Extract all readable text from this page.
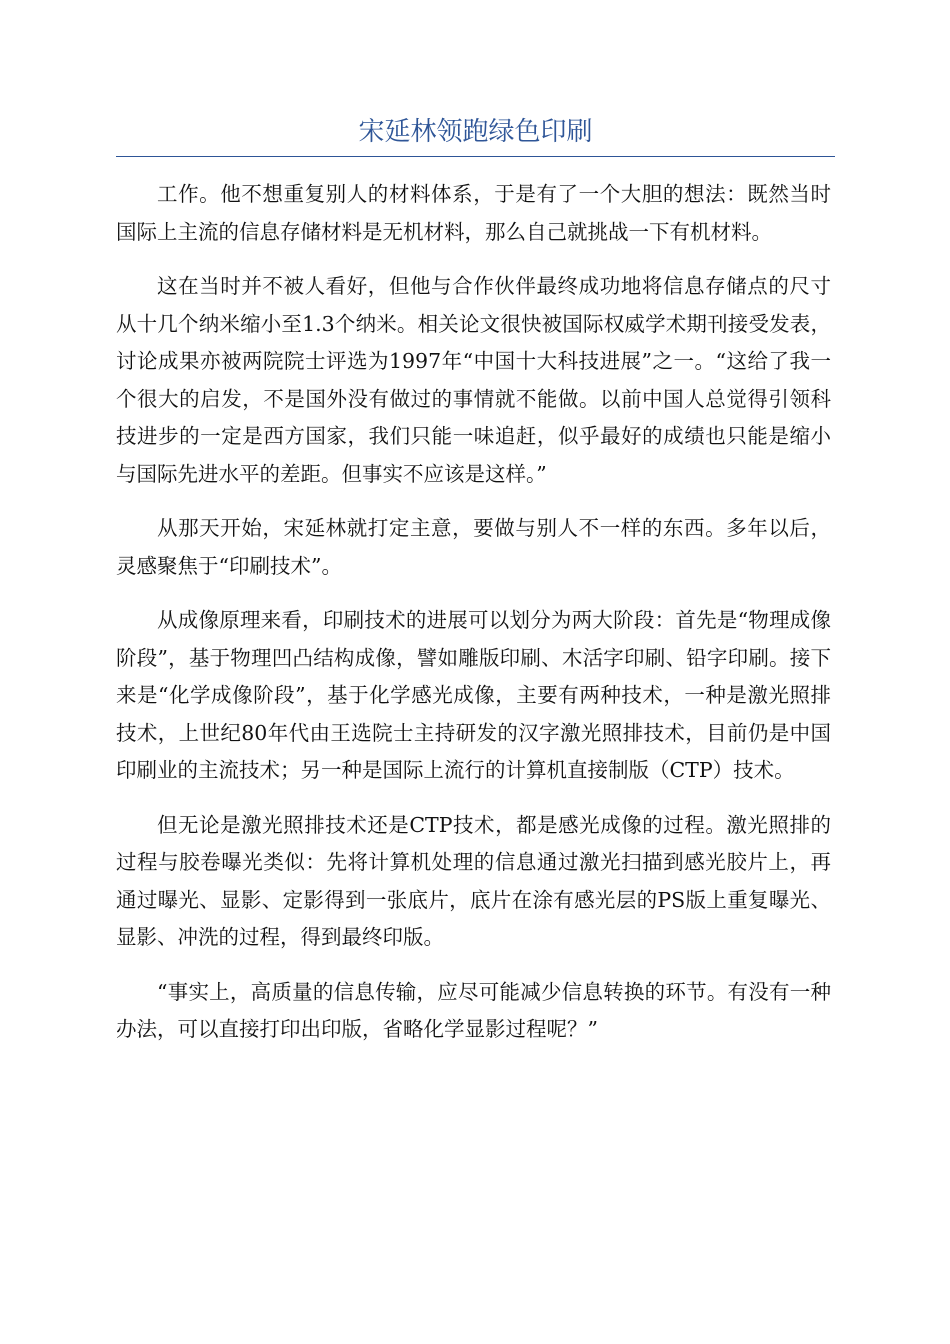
宋延林领跑绿色印刷

工作。他不想重复别人的材料体系，于是有了一个大胆的想法：既然当时国际上主流的信息存储材料是无机材料，那么自己就挑战一下有机材料。

这在当时并不被人看好，但他与合作伙伴最终成功地将信息存储点的尺寸从十几个纳米缩小至1.3个纳米。相关论文很快被国际权威学术期刊接受发表，讨论成果亦被两院院士评选为1997年“中国十大科技进展”之一。“这给了我一个很大的启发，不是国外没有做过的事情就不能做。以前中国人总觉得引领科技进步的一定是西方国家，我们只能一味追赶，似乎最好的成绩也只能是缩小与国际先进水平的差距。但事实不应该是这样。”

从那天开始，宋延林就打定主意，要做与别人不一样的东西。多年以后，灵感聚焦于“印刷技术”。

从成像原理来看，印刷技术的进展可以划分为两大阶段：首先是“物理成像阶段”，基于物理凹凸结构成像，譬如雕版印刷、木活字印刷、铅字印刷。接下来是“化学成像阶段”，基于化学感光成像，主要有两种技术，一种是激光照排技术，上世纪80年代由王选院士主持研发的汉字激光照排技术，目前仍是中国印刷业的主流技术；另一种是国际上流行的计算机直接制版（CTP）技术。

但无论是激光照排技术还是CTP技术，都是感光成像的过程。激光照排的过程与胶卷曝光类似：先将计算机处理的信息通过激光扫描到感光胶片上，再通过曝光、显影、定影得到一张底片，底片在涂有感光层的PS版上重复曝光、显影、冲洗的过程，得到最终印版。

“事实上，高质量的信息传输，应尽可能减少信息转换的环节。有没有一种办法，可以直接打印出印版，省略化学显影过程呢？”
